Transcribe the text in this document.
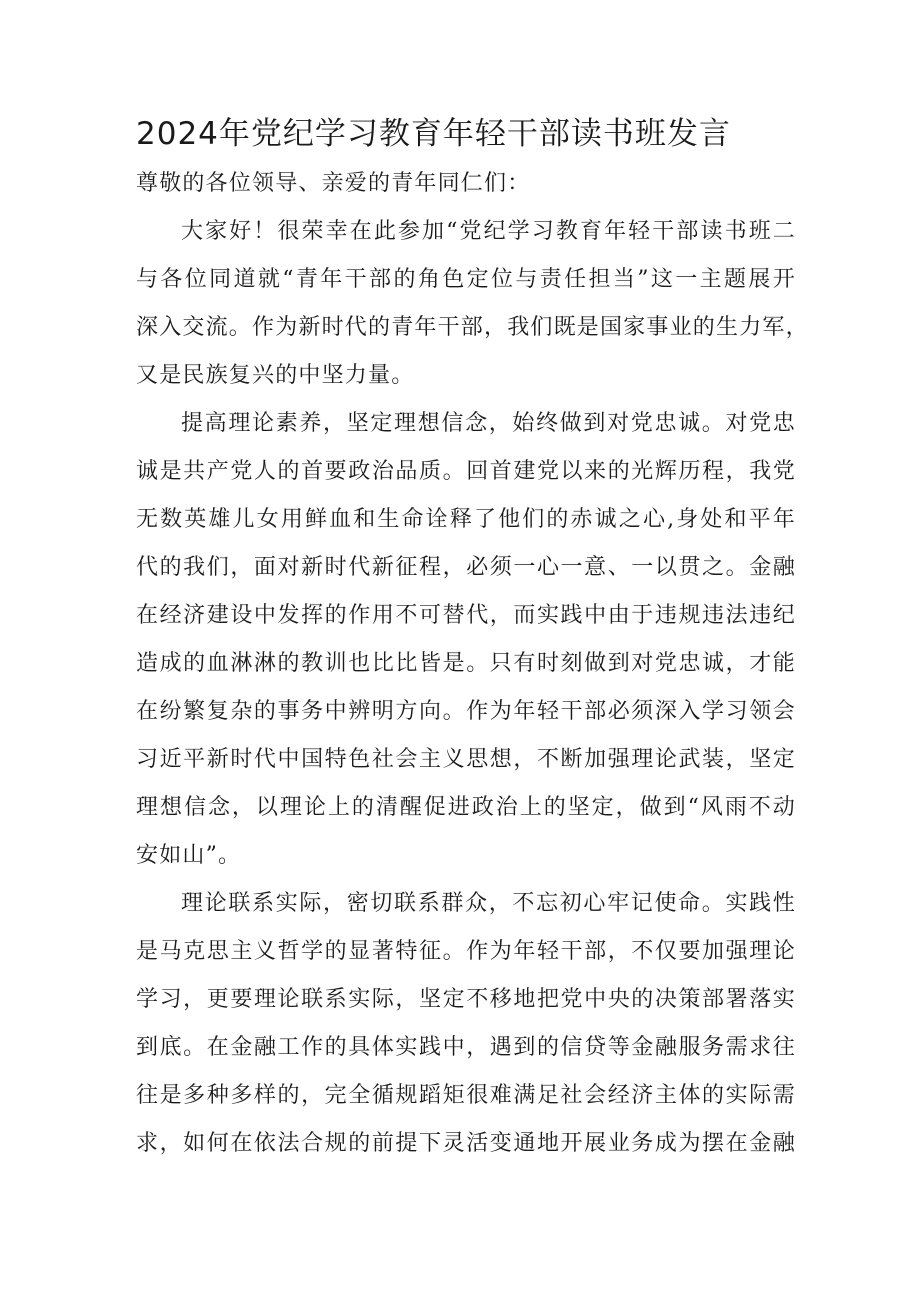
2024年党纪学习教育年轻干部读书班发言
尊敬的各位领导、亲爱的青年同仁们：
大家好！很荣幸在此参加“党纪学习教育年轻干部读书班二
与各位同道就“青年干部的角色定位与责任担当”这一主题展开
深入交流。作为新时代的青年干部，我们既是国家事业的生力军，
又是民族复兴的中坚力量。
提高理论素养，坚定理想信念，始终做到对党忠诚。对党忠
诚是共产党人的首要政治品质。回首建党以来的光辉历程，我党
无数英雄儿女用鲜血和生命诠释了他们的赤诚之心,身处和平年
代的我们，面对新时代新征程，必须一心一意、一以贯之。金融
在经济建设中发挥的作用不可替代，而实践中由于违规违法违纪
造成的血淋淋的教训也比比皆是。只有时刻做到对党忠诚，才能
在纷繁复杂的事务中辨明方向。作为年轻干部必须深入学习领会
习近平新时代中国特色社会主义思想，不断加强理论武装，坚定
理想信念，以理论上的清醒促进政治上的坚定，做到“风雨不动
安如山”。
理论联系实际，密切联系群众，不忘初心牢记使命。实践性
是马克思主义哲学的显著特征。作为年轻干部，不仅要加强理论
学习，更要理论联系实际，坚定不移地把党中央的决策部署落实
到底。在金融工作的具体实践中，遇到的信贷等金融服务需求往
往是多种多样的，完全循规蹈矩很难满足社会经济主体的实际需
求，如何在依法合规的前提下灵活变通地开展业务成为摆在金融
